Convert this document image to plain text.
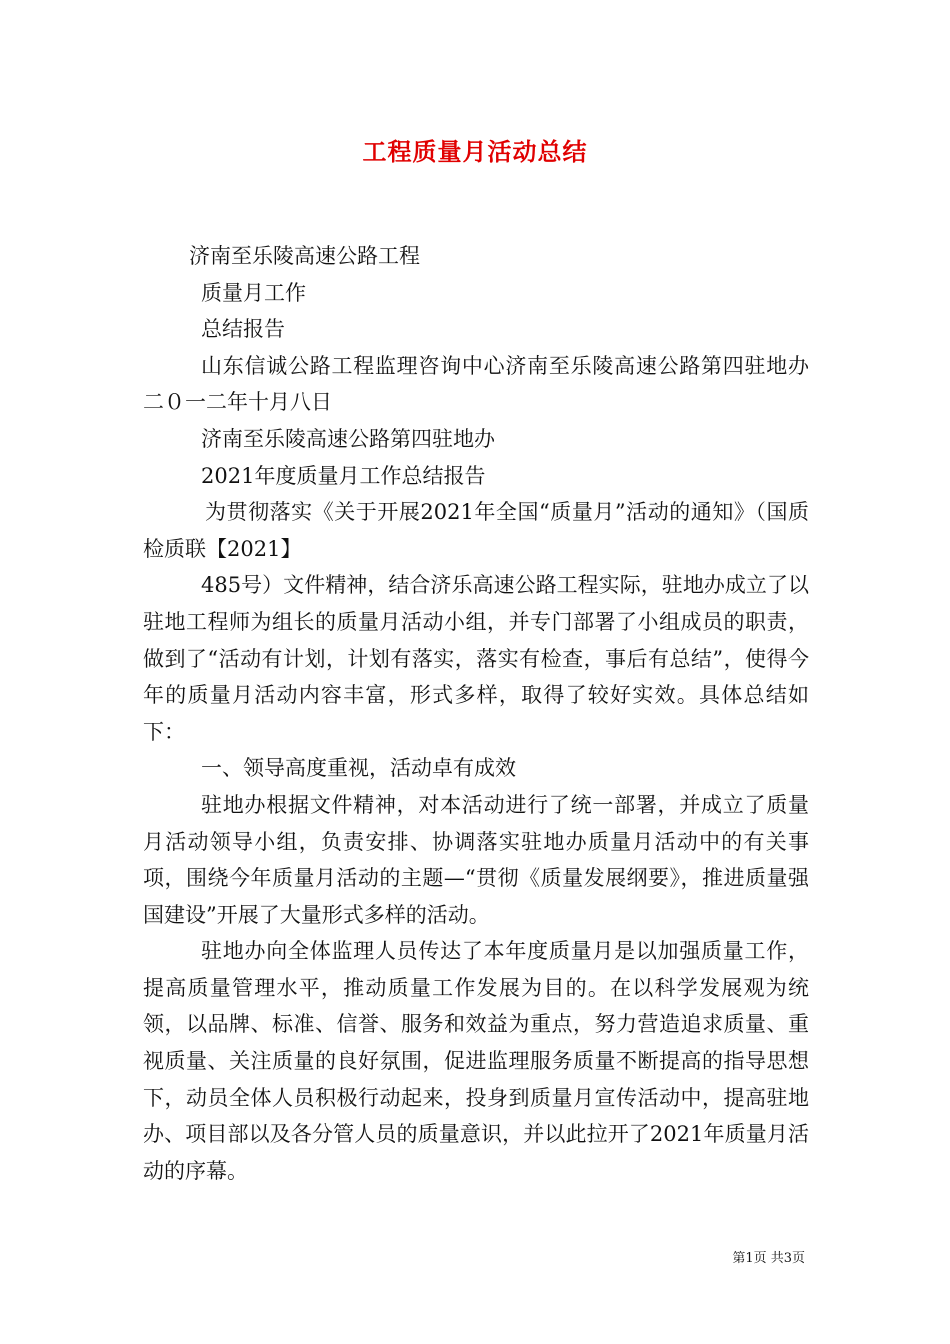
工程质量月活动总结

济南至乐陵高速公路工程

质量月工作

总结报告

山东信诚公路工程监理咨询中心济南至乐陵高速公路第四驻地办二０一二年十月八日

济南至乐陵高速公路第四驻地办

2021年度质量月工作总结报告

为贯彻落实《关于开展2021年全国“质量月”活动的通知》（国质检质联【2021】

485号）文件精神，结合济乐高速公路工程实际，驻地办成立了以驻地工程师为组长的质量月活动小组，并专门部署了小组成员的职责，做到了“活动有计划，计划有落实，落实有检查，事后有总结”，使得今年的质量月活动内容丰富，形式多样，取得了较好实效。具体总结如下：

一、领导高度重视，活动卓有成效

驻地办根据文件精神，对本活动进行了统一部署，并成立了质量月活动领导小组，负责安排、协调落实驻地办质量月活动中的有关事项，围绕今年质量月活动的主题—“贯彻《质量发展纲要》，推进质量强国建设”开展了大量形式多样的活动。

驻地办向全体监理人员传达了本年度质量月是以加强质量工作，提高质量管理水平，推动质量工作发展为目的。在以科学发展观为统领，以品牌、标准、信誉、服务和效益为重点，努力营造追求质量、重视质量、关注质量的良好氛围，促进监理服务质量不断提高的指导思想下，动员全体人员积极行动起来，投身到质量月宣传活动中，提高驻地办、项目部以及各分管人员的质量意识，并以此拉开了2021年质量月活动的序幕。

第1页 共3页
